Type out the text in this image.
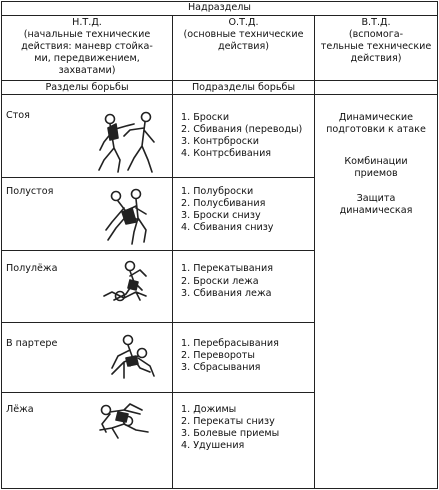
Надразделы
Н.Т.Д.
(начальные технические
действия: маневр стойка-
ми, передвижением,
захватами)
О.Т.Д.
(основные технические
действия)
В.Т.Д.
(вспомога-
тельные технические
действия)
Разделы борьбы	Подразделы борьбы
Стоя	1. Броски
2. Сбивания (переводы)
3. Контрброски
4. Контрсбивания
Полустоя	1. Полуброски
2. Полусбивания
3. Броски снизу
4. Сбивания снизу
Полулёжа	1. Перекатывания
2. Броски лежа
3. Сбивания лежа
В партере	1. Перебрасывания
2. Перевороты
3. Сбрасывания
Лёжа	1. Дожимы
2. Перекаты снизу
3. Болевые приемы
4. Удушения
Динамические
подготовки к атаке
Комбинации
приемов
Защита
динамическая
